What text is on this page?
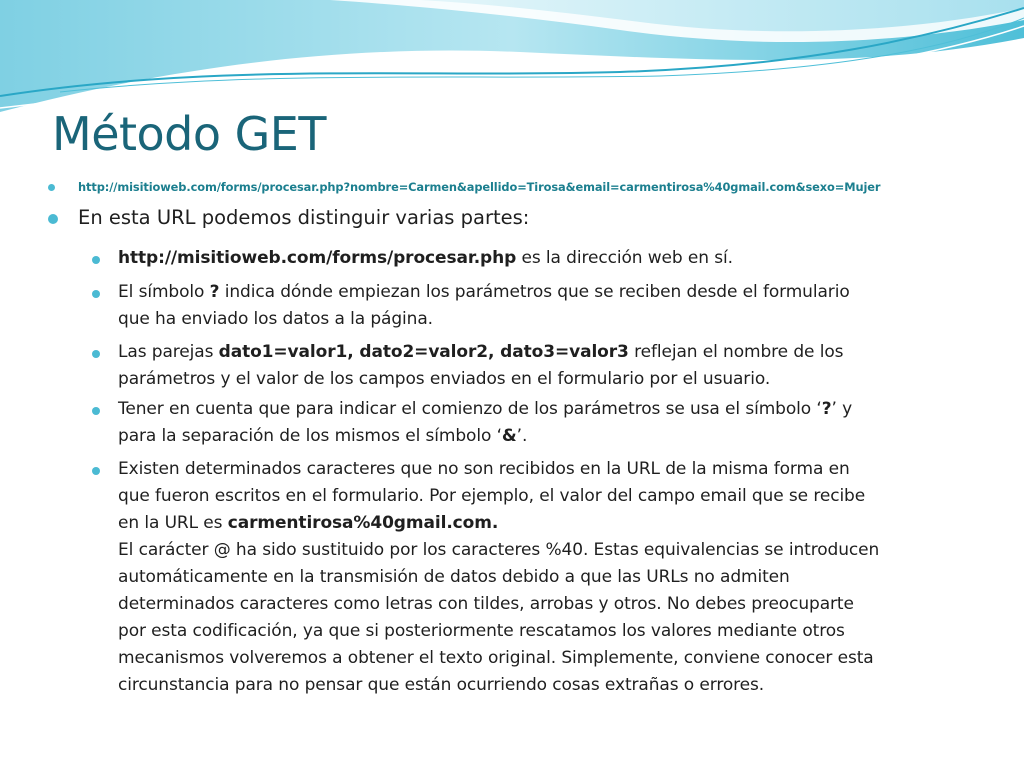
Método GET
http://misitioweb.com/forms/procesar.php?nombre=Carmen&apellido=Tirosa&email=carmentirosa%40gmail.com&sexo=Mujer
En esta URL podemos distinguir varias partes:
http://misitioweb.com/forms/procesar.php es la dirección web en sí.
El símbolo ? indica dónde empiezan los parámetros que se reciben desde el formulario
que ha enviado los datos a la página.
Las parejas dato1=valor1, dato2=valor2, dato3=valor3 reflejan el nombre de los
parámetros y el valor de los campos enviados en el formulario por el usuario.
Tener en cuenta que para indicar el comienzo de los parámetros se usa el símbolo ‘?’ y
para la separación de los mismos el símbolo ‘&’.
Existen determinados caracteres que no son recibidos en la URL de la misma forma en
que fueron escritos en el formulario. Por ejemplo, el valor del campo email que se recibe
en la URL es carmentirosa%40gmail.com.
El carácter @ ha sido sustituido por los caracteres %40. Estas equivalencias se introducen
automáticamente en la transmisión de datos debido a que las URLs no admiten
determinados caracteres como letras con tildes, arrobas y otros. No debes preocuparte
por esta codificación, ya que si posteriormente rescatamos los valores mediante otros
mecanismos volveremos a obtener el texto original. Simplemente, conviene conocer esta
circunstancia para no pensar que están ocurriendo cosas extrañas o errores.
